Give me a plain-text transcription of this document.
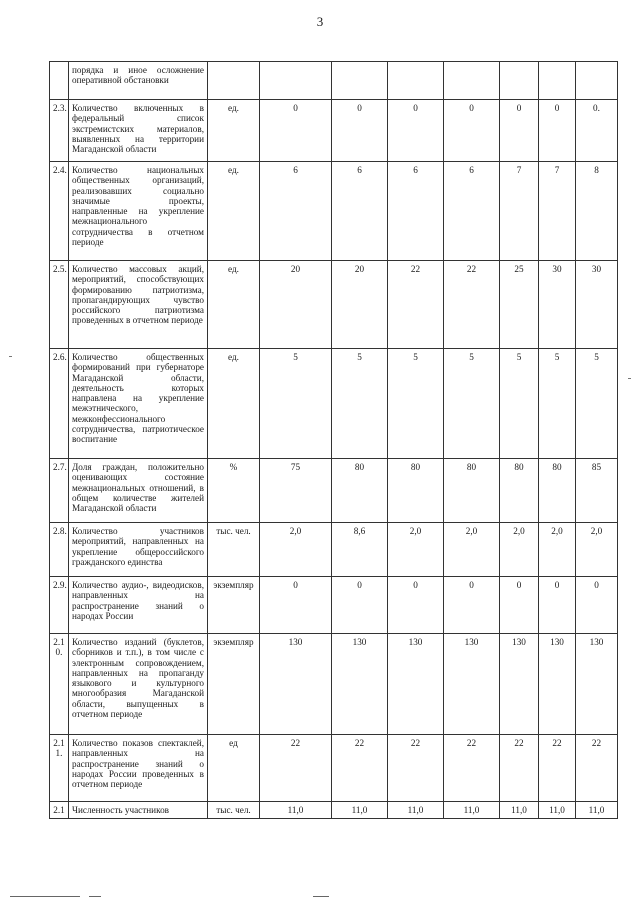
3
	порядка и иное осложнение оперативной обстановки								
2.3.	Количество включенных в федеральный список экстремистских материалов, выявленных на территории Магаданской области	ед.	0	0	0	0	0	0	0.
2.4.	Количество национальных общественных организаций, реализовавших социально значимые проекты, направленные на укрепление межнационального сотрудничества в отчетном периоде	ед.	6	6	6	6	7	7	8
2.5.	Количество массовых акций, мероприятий, способствующих формированию патриотизма, пропагандирующих чувство российского патриотизма проведенных в отчетном периоде	ед.	20	20	22	22	25	30	30
2.6.	Количество общественных формирований при губернаторе Магаданской области, деятельность которых направлена на укрепление межэтнического, межконфессионального сотрудничества, патриотическое воспитание	ед.	5	5	5	5	5	5	5
2.7.	Доля граждан, положительно оценивающих состояние межнациональных отношений, в общем количестве жителей Магаданской области	%	75	80	80	80	80	80	85
2.8.	Количество участников мероприятий, направленных на укрепление общероссийского гражданского единства	тыс. чел.	2,0	8,6	2,0	2,0	2,0	2,0	2,0
2.9.	Количество аудио-, видеодисков, направленных на распространение знаний о народах России	экземпляр	0	0	0	0	0	0	0
2.1 0.	Количество изданий (буклетов, сборников и т.п.), в том числе с электронным сопровождением, направленных на пропаганду языкового и культурного многообразия Магаданской области, выпущенных в отчетном периоде	экземпляр	130	130	130	130	130	130	130
2.1 1.	Количество показов спектаклей, направленных на распространение знаний о народах России проведенных в отчетном периоде	ед	22	22	22	22	22	22	22
2.1	Численность участников	тыс. чел.	11,0	11,0	11,0	11,0	11,0	11,0	11,0
